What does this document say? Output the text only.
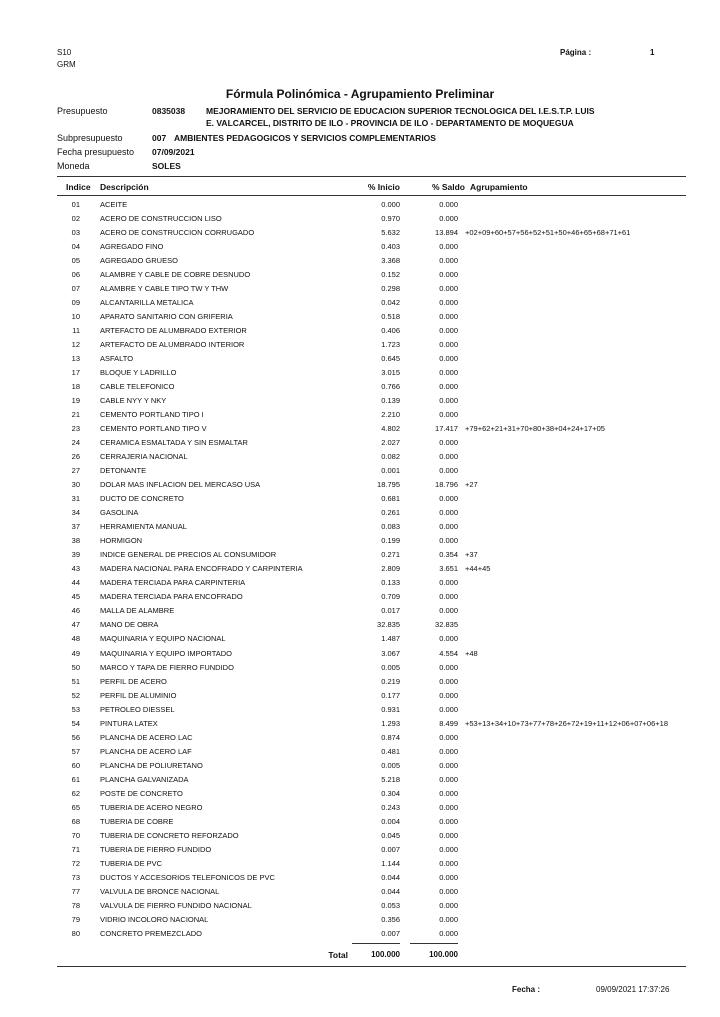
S10
GRM
Página :	1
Fórmula Polinómica - Agrupamiento Preliminar
Presupuesto	0835038 MEJORAMIENTO DEL SERVICIO DE EDUCACION SUPERIOR TECNOLOGICA DEL I.E.S.T.P. LUIS
E. VALCARCEL, DISTRITO DE ILO - PROVINCIA DE ILO - DEPARTAMENTO DE MOQUEGUA
Subpresupuesto	007 AMBIENTES PEDAGOGICOS Y SERVICIOS COMPLEMENTARIOS
Fecha presupuesto 07/09/2021
Moneda	SOLES
Indice Descripción	% Inicio	% Saldo Agrupamiento
01	ACEITE	0.000	0.000
02	ACERO DE CONSTRUCCION LISO	0.970	0.000
03	ACERO DE CONSTRUCCION CORRUGADO	5.632	13.894 +02+09+60+57+56+52+51+50+46+65+68+71+61
04	AGREGADO FINO	0.403	0.000
05	AGREGADO GRUESO	3.368	0.000
06	ALAMBRE Y CABLE DE COBRE DESNUDO	0.152	0.000
07	ALAMBRE Y CABLE TIPO TW Y THW	0.298	0.000
09	ALCANTARILLA METALICA	0.042	0.000
10	APARATO SANITARIO CON GRIFERIA	0.518	0.000
11	ARTEFACTO DE ALUMBRADO EXTERIOR	0.406	0.000
12	ARTEFACTO DE ALUMBRADO INTERIOR	1.723	0.000
13	ASFALTO	0.645	0.000
17	BLOQUE Y LADRILLO	3.015	0.000
18	CABLE TELEFONICO	0.766	0.000
19	CABLE NYY Y NKY	0.139	0.000
21	CEMENTO PORTLAND TIPO I	2.210	0.000
23	CEMENTO PORTLAND TIPO V	4.802	17.417 +79+62+21+31+70+80+38+04+24+17+05
24	CERAMICA ESMALTADA Y SIN ESMALTAR	2.027	0.000
26	CERRAJERIA NACIONAL	0.082	0.000
27	DETONANTE	0.001	0.000
30	DOLAR MAS INFLACION DEL MERCASO USA	18.795	18.796 +27
31	DUCTO DE CONCRETO	0.681	0.000
34	GASOLINA	0.261	0.000
37	HERRAMIENTA MANUAL	0.083	0.000
38	HORMIGON	0.199	0.000
39	INDICE GENERAL DE PRECIOS AL CONSUMIDOR	0.271	0.354 +37
43	MADERA NACIONAL PARA ENCOFRADO Y CARPINTERIA	2.809	3.651 +44+45
44	MADERA TERCIADA PARA CARPINTERIA	0.133	0.000
45	MADERA TERCIADA PARA ENCOFRADO	0.709	0.000
46	MALLA DE ALAMBRE	0.017	0.000
47	MANO DE OBRA	32.835	32.835
48	MAQUINARIA Y EQUIPO NACIONAL	1.487	0.000
49	MAQUINARIA Y EQUIPO IMPORTADO	3.067	4.554 +48
50	MARCO Y TAPA DE FIERRO FUNDIDO	0.005	0.000
51	PERFIL DE ACERO	0.219	0.000
52	PERFIL DE ALUMINIO	0.177	0.000
53	PETROLEO DIESSEL	0.931	0.000
54	PINTURA LATEX	1.293	8.499 +53+13+34+10+73+77+78+26+72+19+11+12+06+07+06+18
56	PLANCHA DE ACERO LAC	0.874	0.000
57	PLANCHA DE ACERO LAF	0.481	0.000
60	PLANCHA DE POLIURETANO	0.005	0.000
61	PLANCHA GALVANIZADA	5.218	0.000
62	POSTE DE CONCRETO	0.304	0.000
65	TUBERIA DE ACERO NEGRO	0.243	0.000
68	TUBERIA DE COBRE	0.004	0.000
70	TUBERIA DE CONCRETO REFORZADO	0.045	0.000
71	TUBERIA DE FIERRO FUNDIDO	0.007	0.000
72	TUBERIA DE PVC	1.144	0.000
73	DUCTOS Y ACCESORIOS TELEFONICOS DE PVC	0.044	0.000
77	VALVULA DE BRONCE NACIONAL	0.044	0.000
78	VALVULA DE FIERRO FUNDIDO NACIONAL	0.053	0.000
79	VIDRIO INCOLORO NACIONAL	0.356	0.000
80	CONCRETO PREMEZCLADO	0.007	0.000
Total	100.000	100.000
Fecha :	09/09/2021 17:37:26
